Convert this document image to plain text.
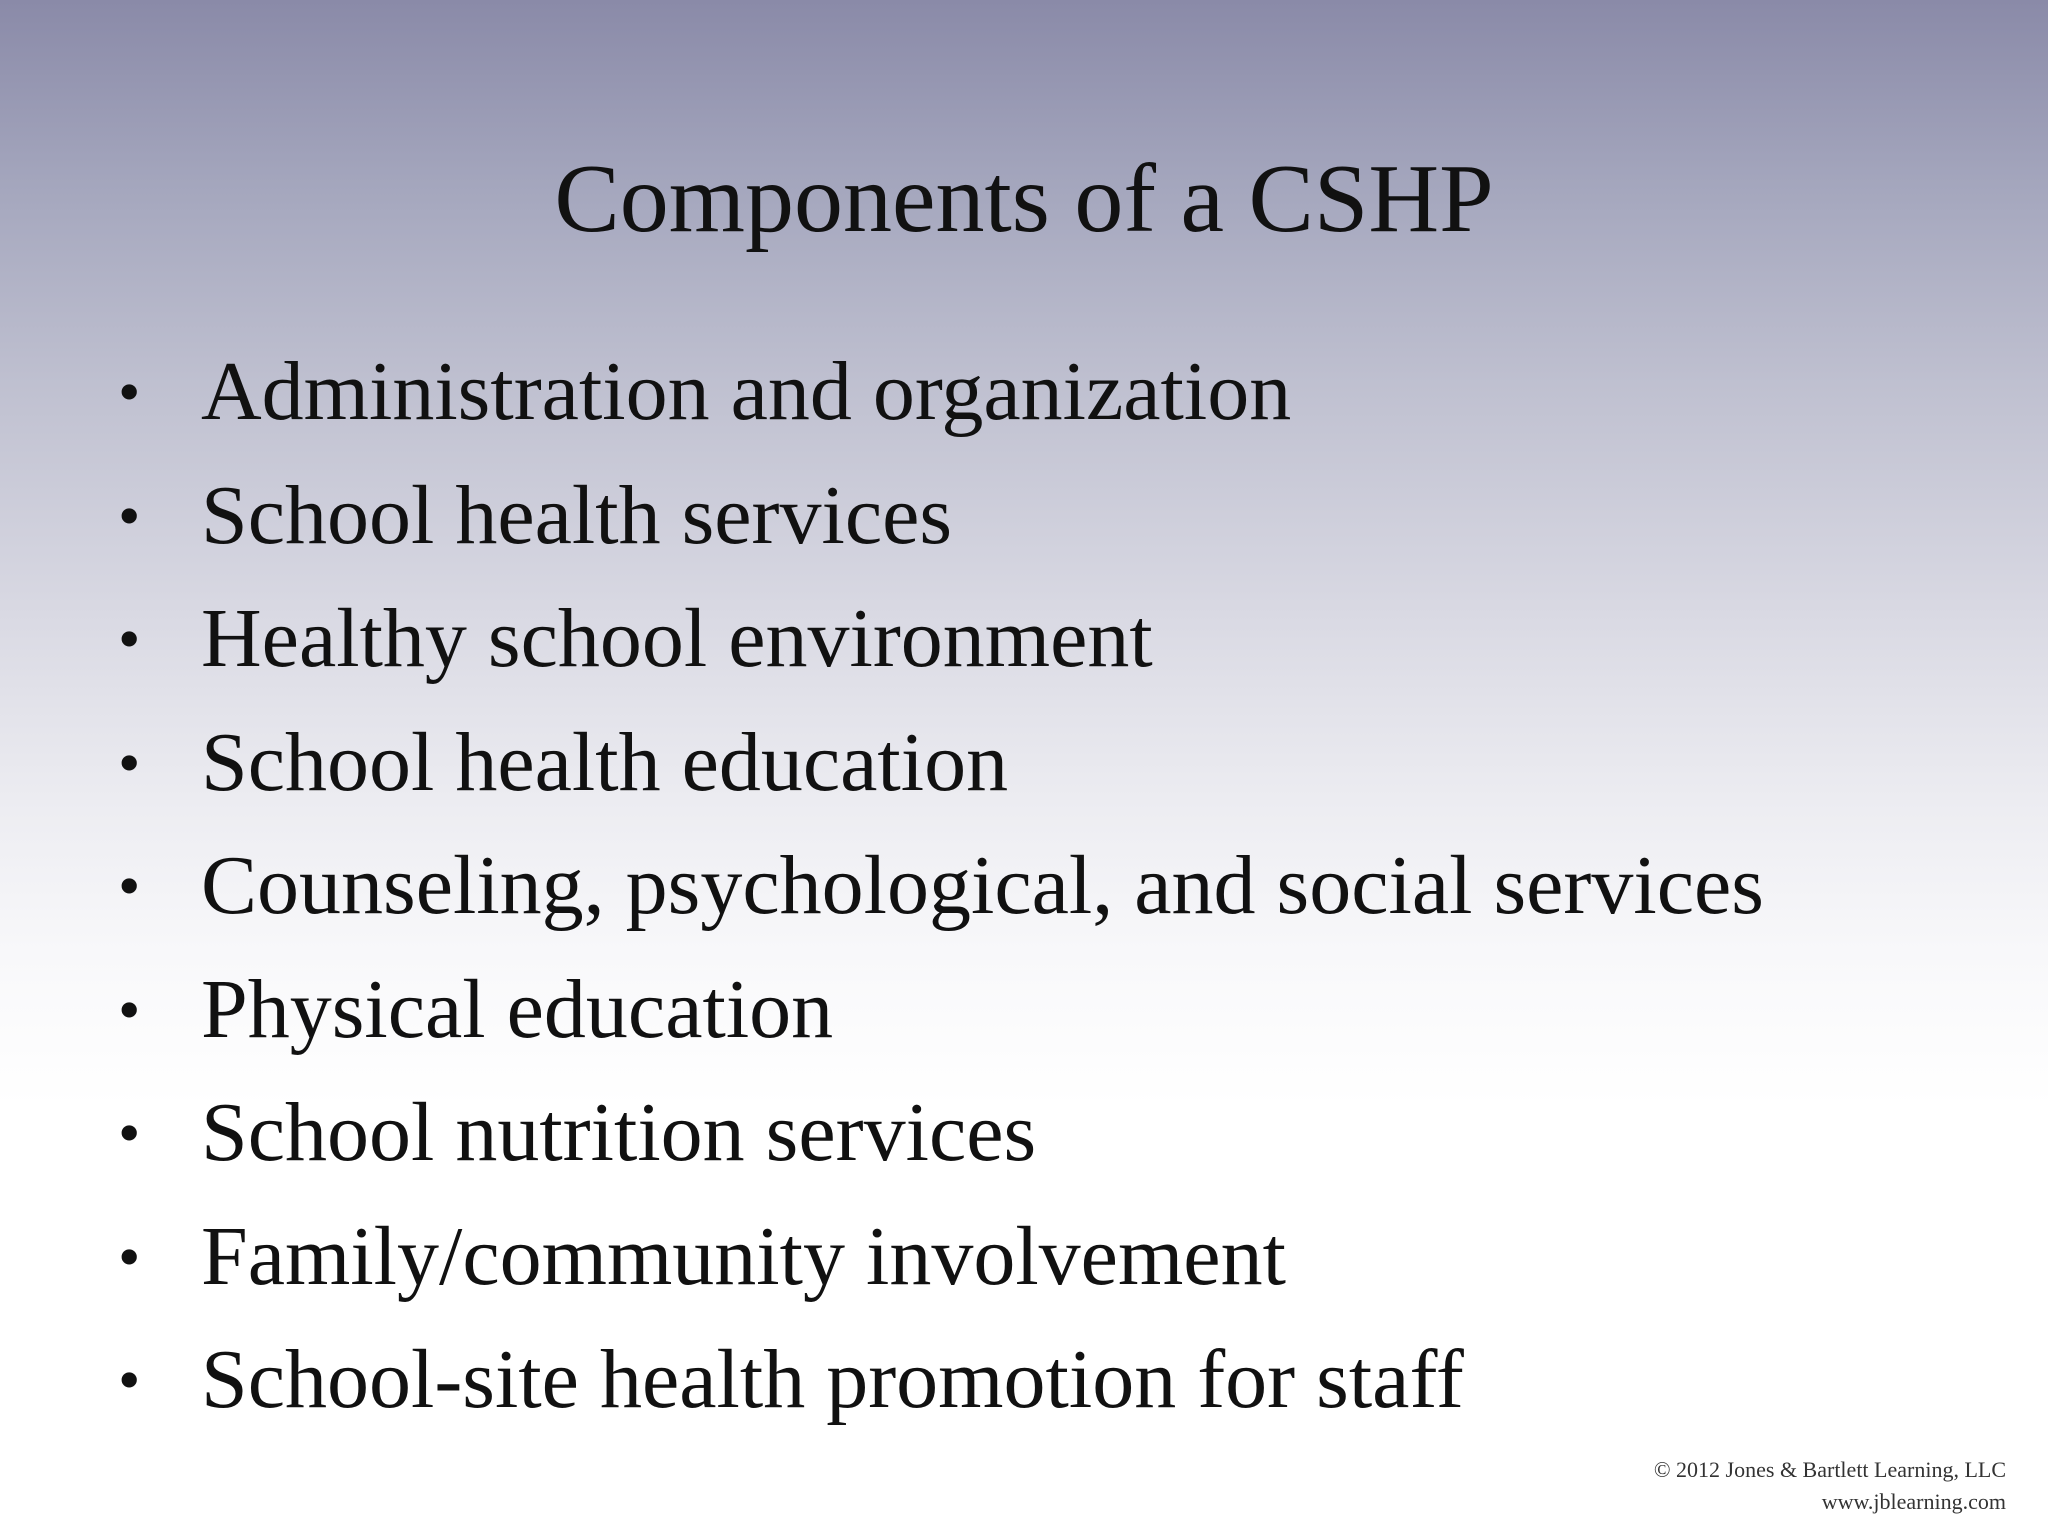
Components of a CSHP
• Administration and organization
• School health services
• Healthy school environment
• School health education
• Counseling, psychological, and social services
• Physical education
• School nutrition services
• Family/community involvement
• School-site health promotion for staff
© 2012 Jones & Bartlett Learning, LLC
www.jblearning.com
